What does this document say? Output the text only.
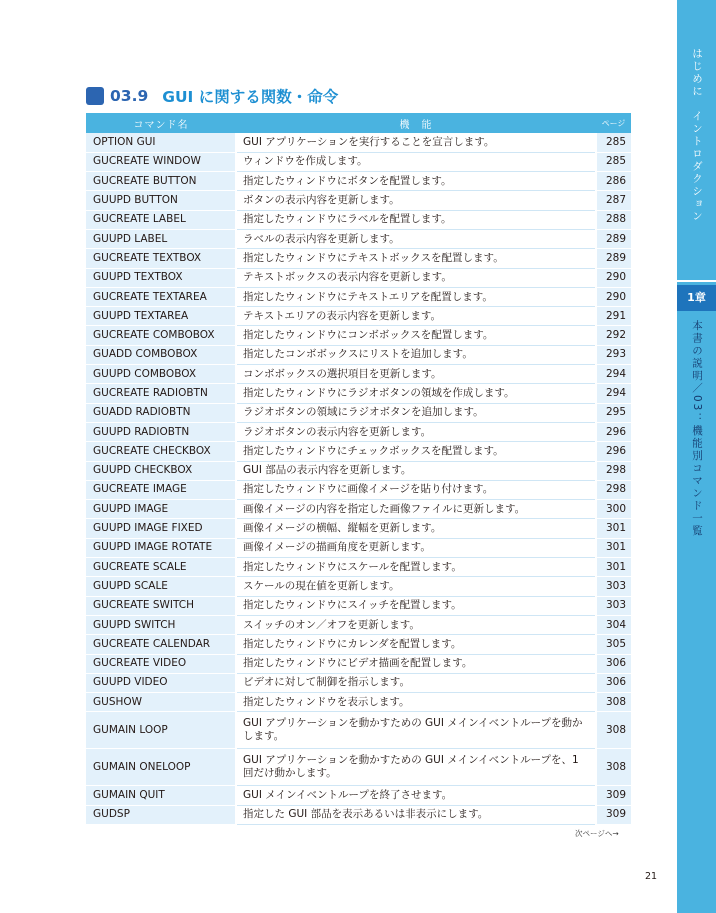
はじめに　イントロダクション
1章
本書の説明／03：機能別コマンド一覧
03.9 GUI に関する関数・命令
コマンド名	機　能	ページ
OPTION GUI	GUI アプリケーションを実行することを宣言します。	285
GUCREATE WINDOW	ウィンドウを作成します。	285
GUCREATE BUTTON	指定したウィンドウにボタンを配置します。	286
GUUPD BUTTON	ボタンの表示内容を更新します。	287
GUCREATE LABEL	指定したウィンドウにラベルを配置します。	288
GUUPD LABEL	ラベルの表示内容を更新します。	289
GUCREATE TEXTBOX	指定したウィンドウにテキストボックスを配置します。	289
GUUPD TEXTBOX	テキストボックスの表示内容を更新します。	290
GUCREATE TEXTAREA	指定したウィンドウにテキストエリアを配置します。	290
GUUPD TEXTAREA	テキストエリアの表示内容を更新します。	291
GUCREATE COMBOBOX	指定したウィンドウにコンボボックスを配置します。	292
GUADD COMBOBOX	指定したコンボボックスにリストを追加します。	293
GUUPD COMBOBOX	コンボボックスの選択項目を更新します。	294
GUCREATE RADIOBTN	指定したウィンドウにラジオボタンの領域を作成します。	294
GUADD RADIOBTN	ラジオボタンの領域にラジオボタンを追加します。	295
GUUPD RADIOBTN	ラジオボタンの表示内容を更新します。	296
GUCREATE CHECKBOX	指定したウィンドウにチェックボックスを配置します。	296
GUUPD CHECKBOX	GUI 部品の表示内容を更新します。	298
GUCREATE IMAGE	指定したウィンドウに画像イメージを貼り付けます。	298
GUUPD IMAGE	画像イメージの内容を指定した画像ファイルに更新します。	300
GUUPD IMAGE FIXED	画像イメージの横幅、縦幅を更新します。	301
GUUPD IMAGE ROTATE	画像イメージの描画角度を更新します。	301
GUCREATE SCALE	指定したウィンドウにスケールを配置します。	301
GUUPD SCALE	スケールの現在値を更新します。	303
GUCREATE SWITCH	指定したウィンドウにスイッチを配置します。	303
GUUPD SWITCH	スイッチのオン／オフを更新します。	304
GUCREATE CALENDAR	指定したウィンドウにカレンダを配置します。	305
GUCREATE VIDEO	指定したウィンドウにビデオ描画を配置します。	306
GUUPD VIDEO	ビデオに対して制御を指示します。	306
GUSHOW	指定したウィンドウを表示します。	308
GUMAIN LOOP	GUI アプリケーションを動かすための GUI メインイベントループを動かします。	308
GUMAIN ONELOOP	GUI アプリケーションを動かすための GUI メインイベントループを、1 回だけ動かします。	308
GUMAIN QUIT	GUI メインイベントループを終了させます。	309
GUDSP	指定した GUI 部品を表示あるいは非表示にします。	309
次ページへ→
21
